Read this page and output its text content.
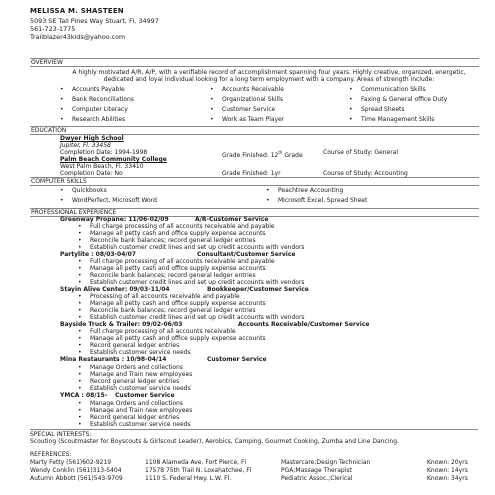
MELISSA M. SHASTEEN
5093 SE Tall Pines Way Stuart, Fl. 34997
561-723-1775
Trailblazer43kids@yahoo.com
OVERVIEW
A highly motivated A/R, A/P, with a verifiable record of accomplishment spanning four years. Highly creative, organized, energetic, dedicated and loyal individual looking for a long term employment with a company. Areas of strength include:
• Accounts Payable	• Accounts Receivable	• Communication Skills
• Bank Reconciliations	• Organizational Skills	• Faxing & General office Duty
• Computer Literacy	• Customer Service	• Spread Sheets
• Research Abilities	• Work as Team Player	• Time Management Skills
EDUCATION
Dwyer High School
Jupiter, Fl. 33458
Completion Date: 1994-1998	Grade Finished: 12th Grade	Course of Study: General
Palm Beach Community College
West Palm Beach, Fl. 33410
Completion Date: No	Grade Finished: 1yr	Course of Study: Accounting
COMPUTER SKILLS
• Quickbooks	• Peachtree Accounting
• WordPerfect, Microsoft Word	• Microsoft Excel, Spread Sheet
PROFESSIONAL EXPERIENCE
Greenway Propane: 11/06-02/09	A/R-Customer Service
• Full charge processing of all accounts receivable and payable
• Manage all petty cash and office supply expense accounts
• Reconcile bank balances; record general ledger entries
• Establish customer credit lines and set up credit accounts with vendors
Partylite : 08/03-04/07	Consultant/Customer Service
• Full charge processing of all accounts receivable and payable
• Manage all petty cash and office supply expense accounts
• Reconcile bank balances; record general ledger entries
• Establish customer credit lines and set up credit accounts with vendors
Stayin Alive Center: 09/03-11/04	Bookkeeper/Customer Service
• Processing of all accounts receivable and payable
• Manage all petty cash and office supply expense accounts
• Reconcile bank balances; record general ledger entries
• Establish customer credit lines and set up credit accounts with vendors
Bayside Truck & Trailer: 09/02-06/03	Accounts Receivable/Customer Service
• Full charge processing of all accounts receivable
• Manage all petty cash and office supply expense accounts
• Record general ledger entries
• Establish customer service needs
Mina Restaurants : 10/98-04/14	Customer Service
• Manage Orders and collections
• Manage and Train new employees
• Record general ledger entries
• Establish customer service needs
YMCA : 08/15- Customer Service
• Manage Orders and collections
• Manage and Train new employees
• Record general ledger entries
• Establish customer service needs
SPECIAL INTERESTS:
Scouting (Scoutmaster for Boyscouts & Girlscout Leader), Aerobics, Camping, Gourmet Cooking, Zumba and Line Dancing.
REFERENCES:
Marty Fetty (561)602-9219	1108 Alameda Ave, Fort Pierce, Fl	Mastercare;Design Technician	Known: 20yrs
Wendy Conklin (561)313-5404	17578 75th Trail N. Loxahatchee, Fl	PGA;Massage Therapist	Known: 14yrs
Autumn Abbott (561)543-9709	1110 S. Federal Hwy. L.W. Fl.	Pediatric Assoc.;Clerical	Known: 34yrs
